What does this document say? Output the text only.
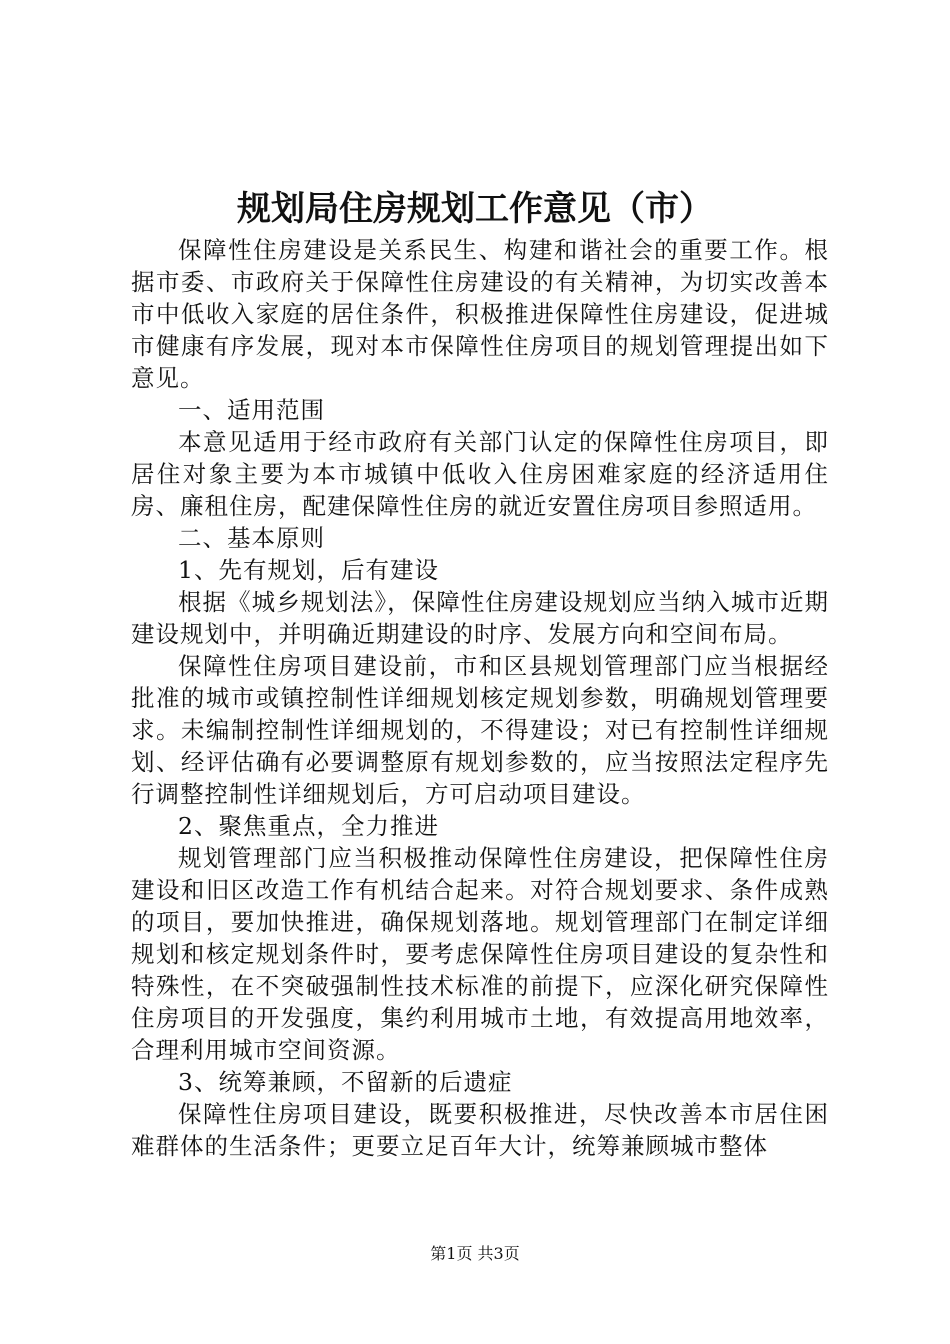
规划局住房规划工作意见（市）

保障性住房建设是关系民生、构建和谐社会的重要工作。根据市委、市政府关于保障性住房建设的有关精神，为切实改善本市中低收入家庭的居住条件，积极推进保障性住房建设，促进城市健康有序发展，现对本市保障性住房项目的规划管理提出如下意见。

一、适用范围

本意见适用于经市政府有关部门认定的保障性住房项目，即居住对象主要为本市城镇中低收入住房困难家庭的经济适用住房、廉租住房，配建保障性住房的就近安置住房项目参照适用。

二、基本原则

1、先有规划，后有建设

根据《城乡规划法》，保障性住房建设规划应当纳入城市近期建设规划中，并明确近期建设的时序、发展方向和空间布局。

保障性住房项目建设前，市和区县规划管理部门应当根据经批准的城市或镇控制性详细规划核定规划参数，明确规划管理要求。未编制控制性详细规划的，不得建设；对已有控制性详细规划、经评估确有必要调整原有规划参数的，应当按照法定程序先行调整控制性详细规划后，方可启动项目建设。

2、聚焦重点，全力推进

规划管理部门应当积极推动保障性住房建设，把保障性住房建设和旧区改造工作有机结合起来。对符合规划要求、条件成熟的项目，要加快推进，确保规划落地。规划管理部门在制定详细规划和核定规划条件时，要考虑保障性住房项目建设的复杂性和特殊性，在不突破强制性技术标准的前提下，应深化研究保障性住房项目的开发强度，集约利用城市土地，有效提高用地效率，合理利用城市空间资源。

3、统筹兼顾，不留新的后遗症

保障性住房项目建设，既要积极推进，尽快改善本市居住困难群体的生活条件；更要立足百年大计，统筹兼顾城市整体

第1页 共3页
